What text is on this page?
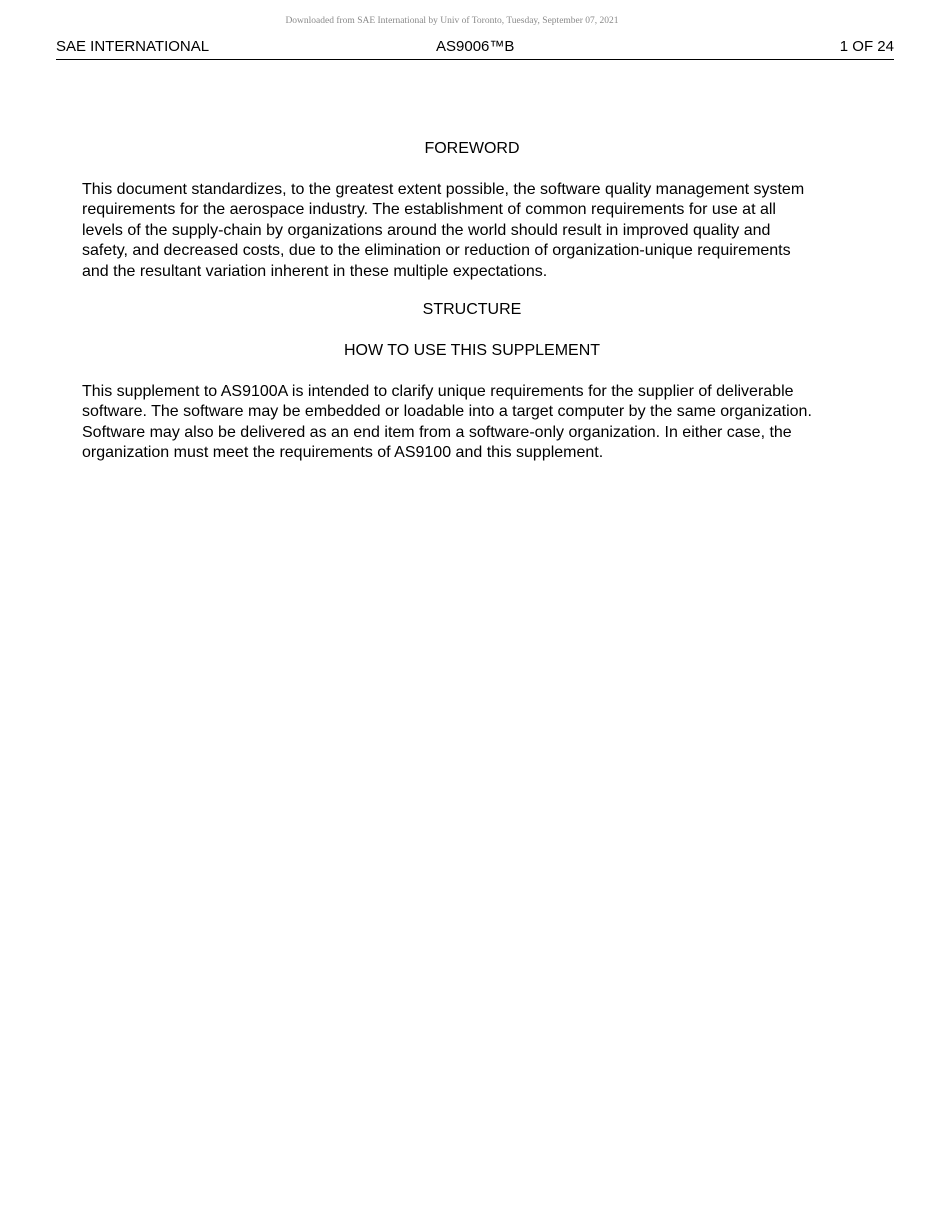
Downloaded from SAE International by Univ of Toronto, Tuesday, September 07, 2021
SAE INTERNATIONAL	AS9006™B	1 OF 24
FOREWORD
This document standardizes, to the greatest extent possible, the software quality management system
requirements for the aerospace industry. The establishment of common requirements for use at all
levels of the supply-chain by organizations around the world should result in improved quality and
safety, and decreased costs, due to the elimination or reduction of organization-unique requirements
and the resultant variation inherent in these multiple expectations.
STRUCTURE
HOW TO USE THIS SUPPLEMENT
This supplement to AS9100A is intended to clarify unique requirements for the supplier of deliverable
software. The software may be embedded or loadable into a target computer by the same organization.
Software may also be delivered as an end item from a software-only organization. In either case, the
organization must meet the requirements of AS9100 and this supplement.
